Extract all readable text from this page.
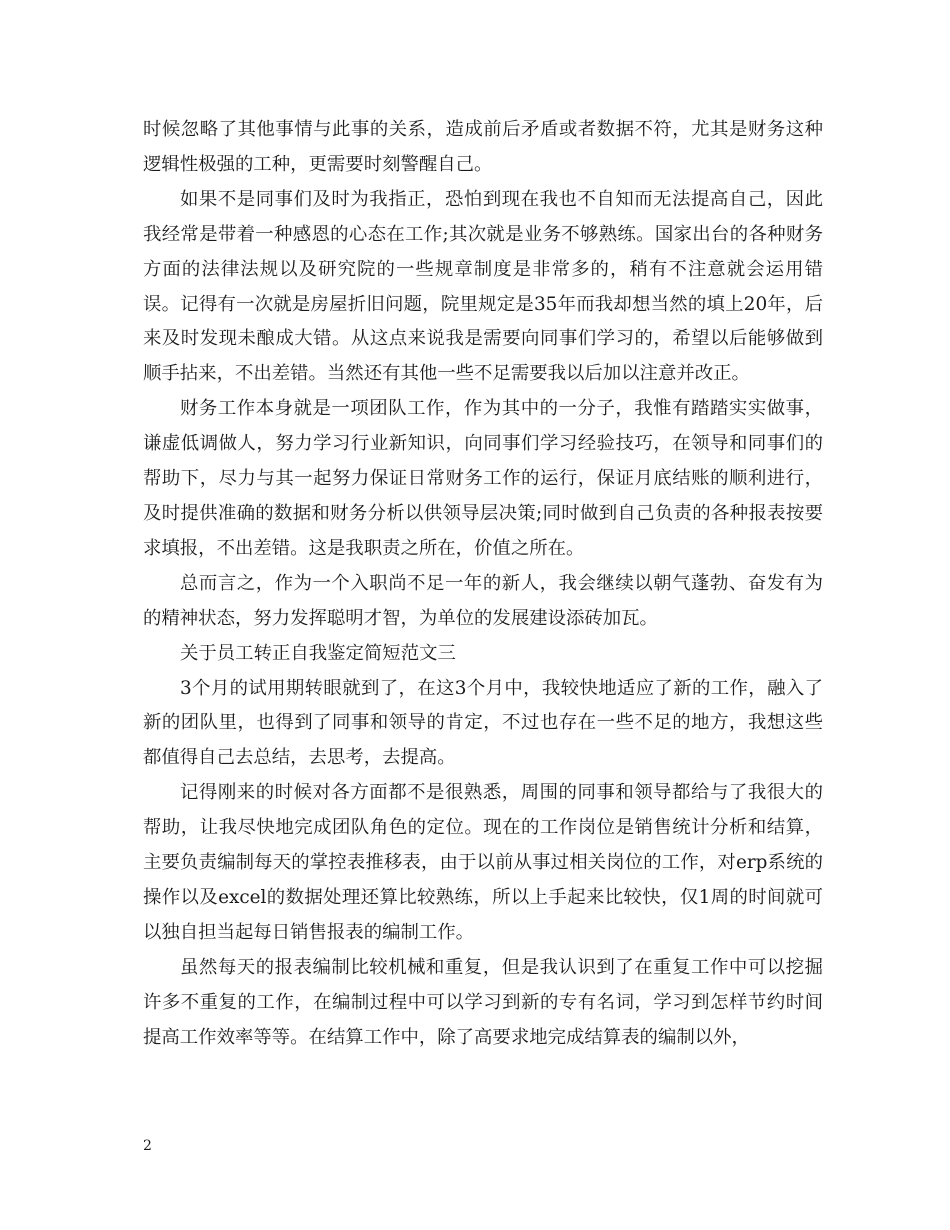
时候忽略了其他事情与此事的关系，造成前后矛盾或者数据不符，尤其是财务这种逻辑性极强的工种，更需要时刻警醒自己。

如果不是同事们及时为我指正，恐怕到现在我也不自知而无法提高自己，因此我经常是带着一种感恩的心态在工作;其次就是业务不够熟练。国家出台的各种财务方面的法律法规以及研究院的一些规章制度是非常多的，稍有不注意就会运用错误。记得有一次就是房屋折旧问题，院里规定是35年而我却想当然的填上20年，后来及时发现未酿成大错。从这点来说我是需要向同事们学习的，希望以后能够做到顺手拈来，不出差错。当然还有其他一些不足需要我以后加以注意并改正。

财务工作本身就是一项团队工作，作为其中的一分子，我惟有踏踏实实做事，谦虚低调做人，努力学习行业新知识，向同事们学习经验技巧，在领导和同事们的帮助下，尽力与其一起努力保证日常财务工作的运行，保证月底结账的顺利进行，及时提供准确的数据和财务分析以供领导层决策;同时做到自己负责的各种报表按要求填报，不出差错。这是我职责之所在，价值之所在。

总而言之，作为一个入职尚不足一年的新人，我会继续以朝气蓬勃、奋发有为的精神状态，努力发挥聪明才智，为单位的发展建设添砖加瓦。

关于员工转正自我鉴定简短范文三

3个月的试用期转眼就到了，在这3个月中，我较快地适应了新的工作，融入了新的团队里，也得到了同事和领导的肯定，不过也存在一些不足的地方，我想这些都值得自己去总结，去思考，去提高。

记得刚来的时候对各方面都不是很熟悉，周围的同事和领导都给与了我很大的帮助，让我尽快地完成团队角色的定位。现在的工作岗位是销售统计分析和结算，主要负责编制每天的掌控表推移表，由于以前从事过相关岗位的工作，对erp系统的操作以及excel的数据处理还算比较熟练，所以上手起来比较快，仅1周的时间就可以独自担当起每日销售报表的编制工作。

虽然每天的报表编制比较机械和重复，但是我认识到了在重复工作中可以挖掘许多不重复的工作，在编制过程中可以学习到新的专有名词，学习到怎样节约时间提高工作效率等等。在结算工作中，除了高要求地完成结算表的编制以外，

2
